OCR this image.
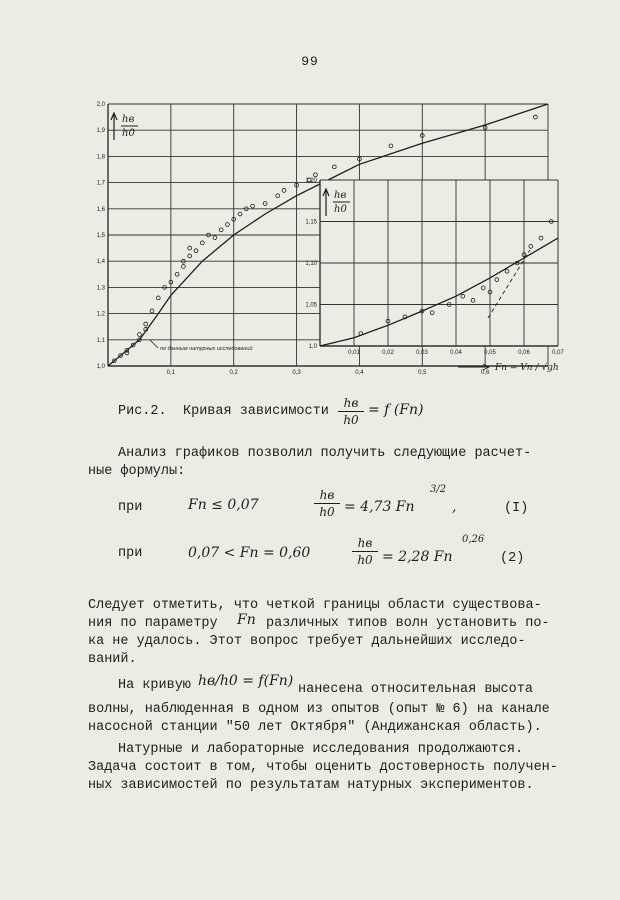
99
1,0
1,1
1,2
1,3
1,4
1,5
1,6
1,7
1,8
1,9
2,0
0,1	0,2	0,3	0,4	0,5	0,6
hв
h0
по данным натурных исследований	1,0
1,05
1,10
1,15
1,20
0,01	0,02	0,03	0,04	0,05	0,06	0,07
hв
h0
Fп = Vп / √gh
Рис.2. Кривая зависимости
hв
h0
= f (Fп)
Анализ графиков позволил получить следующие расчет-
ные формулы:
при	Fп ≤ 0,07
hв
h0 = 4,73 Fп
3/2
,	(I)
при	0,07 < Fп = 0,60
hв
h0 = 2,28 Fп
0,26
(2)
Следует отметить, что четкой границы области существова-
ния по параметру Fп различных типов волн установить по-
ка не удалось. Этот вопрос требует дальнейших исследо-
ваний.
На кривую hв/h0 = f(Fп)
нанесена относительная высота
волны, наблюденная в одном из опытов (опыт № 6) на канале
насосной станции "50 лет Октября" (Андижанская область).
Натурные и лабораторные исследования продолжаются.
Задача состоит в том, чтобы оценить достоверность получен-
ных зависимостей по результатам натурных экспериментов.
